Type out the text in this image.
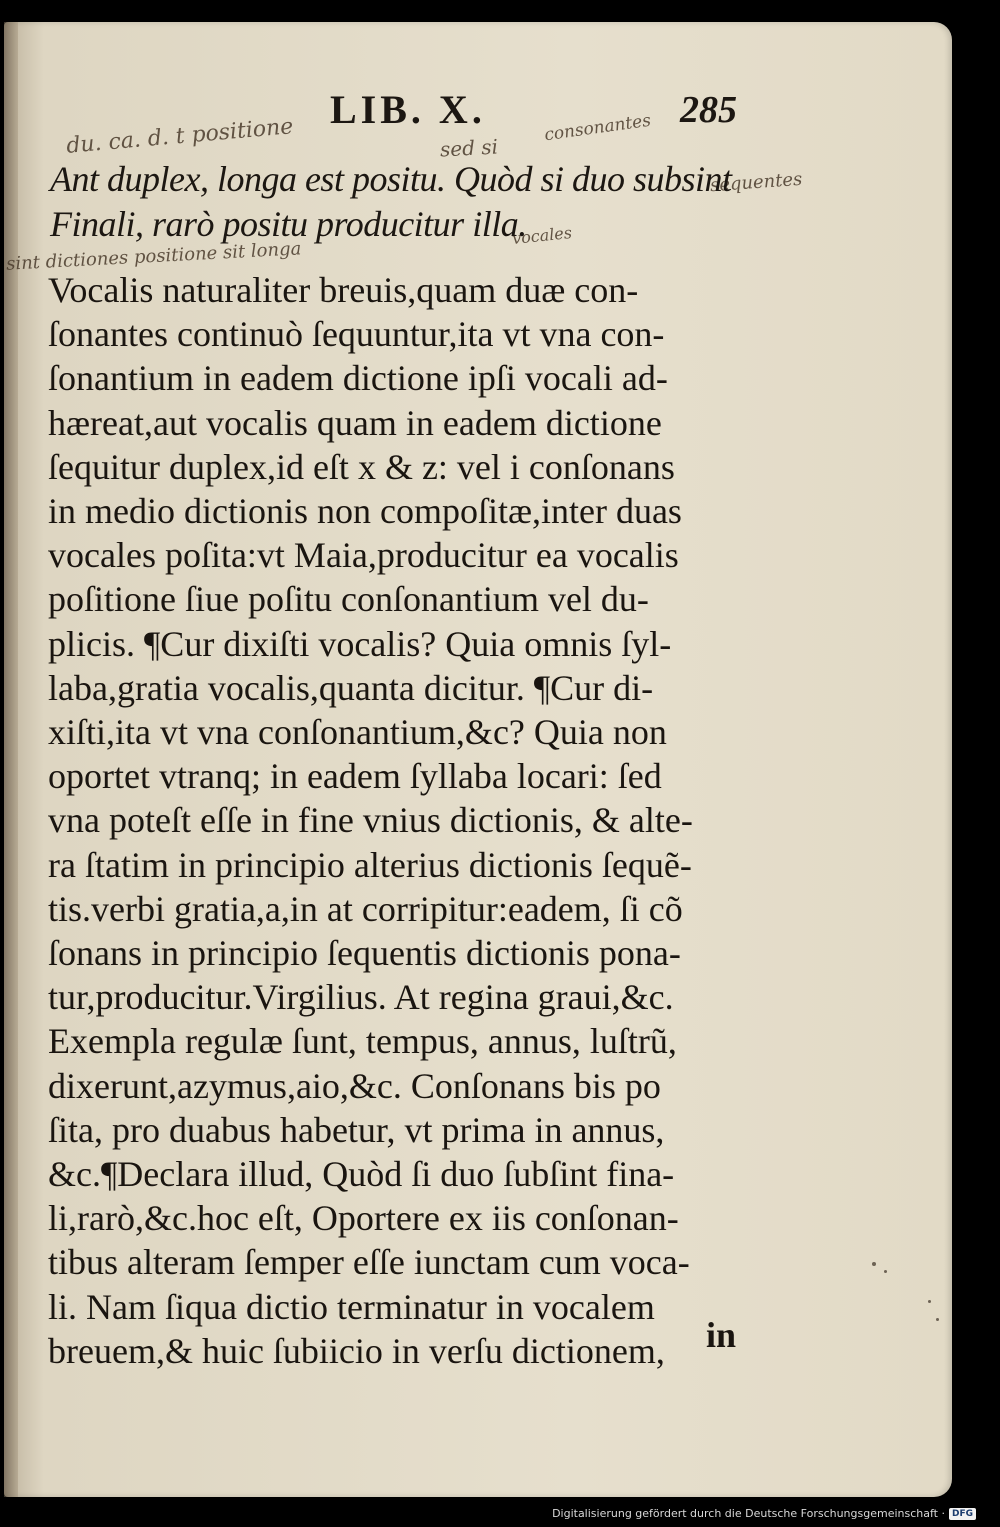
LIB. X.	285
du. ca. d. t positione	sed si
consonantes
sequentes
vocales
sint dictiones positione sit longa
Ant duplex, longa est positu. Quòd si duo subsint
Finali, rarò positu producitur illa.
Vocalis naturaliter breuis,quam duæ con-
ſonantes continuò ſequuntur,ita vt vna con-
ſonantium in eadem dictione ipſi vocali ad-
hæreat,aut vocalis quam in eadem dictione
ſequitur duplex,id eſt x & z: vel i conſonans
in medio dictionis non compoſitæ,inter duas
vocales poſita:vt Maia,producitur ea vocalis
poſitione ſiue poſitu conſonantium vel du-
plicis. ¶Cur dixiſti vocalis? Quia omnis ſyl-
laba,gratia vocalis,quanta dicitur. ¶Cur di-
xiſti,ita vt vna conſonantium,&c? Quia non
oportet vtranq; in eadem ſyllaba locari: ſed
vna poteſt eſſe in fine vnius dictionis, & alte-
ra ſtatim in principio alterius dictionis ſequẽ-
tis.verbi gratia,a,in at corripitur:eadem, ſi cõ
ſonans in principio ſequentis dictionis pona-
tur,producitur.Virgilius. At regina graui,&c.
Exempla regulæ ſunt, tempus, annus, luſtrũ,
dixerunt,azymus,aio,&c. Conſonans bis po
ſita, pro duabus habetur, vt prima in annus,
&c.¶Declara illud, Quòd ſi duo ſubſint fina-
li,rarò,&c.hoc eſt, Oportere ex iis conſonan-
tibus alteram ſemper eſſe iunctam cum voca-
li. Nam ſiqua dictio terminatur in vocalem
breuem,& huic ſubiicio in verſu dictionem,	in
Digitalisierung gefördert durch die Deutsche Forschungsgemeinschaft · DFG
